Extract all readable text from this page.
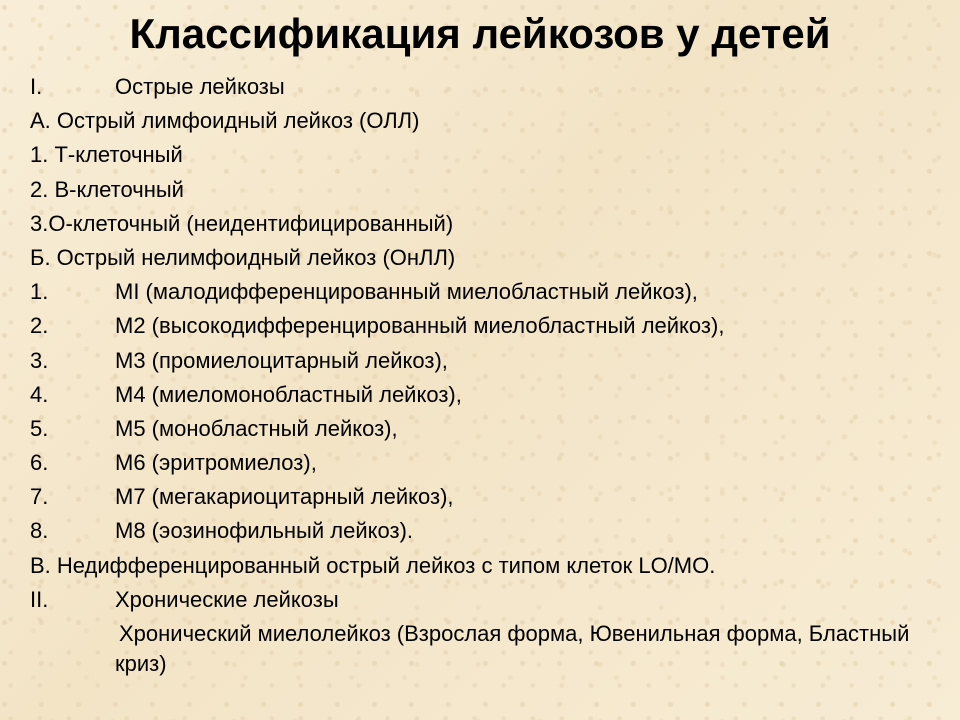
Классификация лейкозов у детей
I.	Острые лейкозы
А. Острый лимфоидный лейкоз (ОЛЛ)
1. Т-клеточный
2. В-клеточный
3.О-клеточный (неидентифицированный)
Б. Острый нелимфоидный лейкоз (ОнЛЛ)
1.	MI (малодифференцированный миелобластный лейкоз),
2.	М2 (высокодифференцированный миелобластный лейкоз),
3.	М3 (промиелоцитарный лейкоз),
4.	М4 (миеломонобластный лейкоз),
5.	М5 (монобластный лейкоз),
6.	М6 (эритромиелоз),
7.	М7 (мегакариоцитарный лейкоз),
8.	М8 (эозинофильный лейкоз).
В. Недифференцированный острый лейкоз с типом клеток LO/MO.
II.	Хронические лейкозы
Хронический миелолейкоз (Взрослая форма, Ювенильная форма, Бластный криз)
